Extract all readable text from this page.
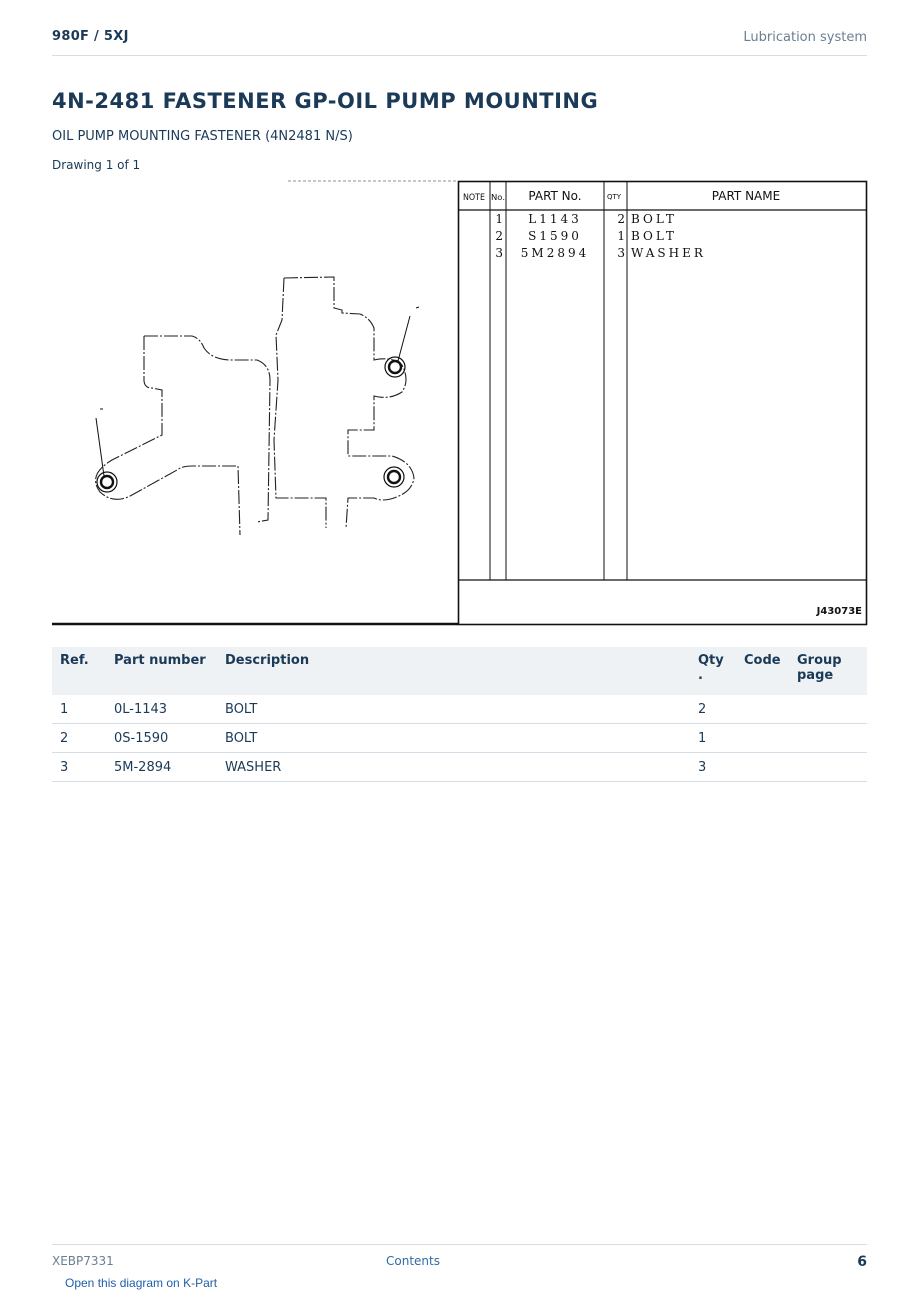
980F / 5XJ	Lubrication system
4N-2481 FASTENER GP-OIL PUMP MOUNTING
OIL PUMP MOUNTING FASTENER (4N2481 N/S)
Drawing 1 of 1
NOTE No. PART No.	QTY	PART NAME
1 L1143	2 BOLT
2 S1590	1 BOLT
3 5M2894 3 WASHER
J43073E
Ref.	Part number	Description	Qty .	Code	Group page
1	0L-1143	BOLT	2		
2	0S-1590	BOLT	1		
3	5M-2894	WASHER	3		
XEBP7331	Contents	6
Open this diagram on K-Part
